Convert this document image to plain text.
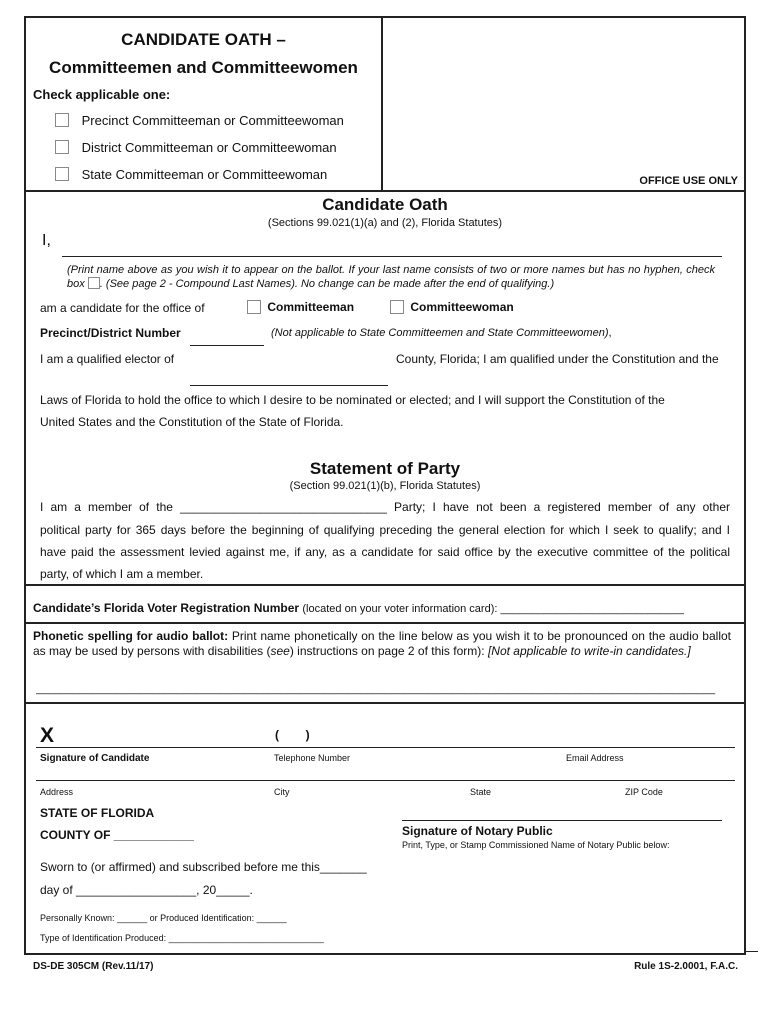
CANDIDATE OATH –
Committeemen and Committeewomen
Check applicable one:
Precinct Committeeman or Committeewoman
District Committeeman or Committeewoman
State Committeeman or Committeewoman	OFFICE USE ONLY
Candidate Oath
(Sections 99.021(1)(a) and (2), Florida Statutes)
I,
(Print name above as you wish it to appear on the ballot. If your last name consists of two or more names but has no hyphen, check box . (See page 2 - Compound Last Names). No change can be made after the end of qualifying.)
am a candidate for the office of	Committeeman	Committeewoman
Precinct/District Number	(Not applicable to State Committeemen and State Committeewomen),
I am a qualified elector of	County, Florida; I am qualified under the Constitution and the
Laws of Florida to hold the office to which I desire to be nominated or elected; and I will support the Constitution of the
United States and the Constitution of the State of Florida.
Statement of Party
(Section 99.021(1)(b), Florida Statutes)
I am a member of the _______________________________ Party; I have not been a registered member of any other
political party for 365 days before the beginning of qualifying preceding the general election for which I seek to qualify; and I
have paid the assessment levied against me, if any, as a candidate for said office by the executive committee of the political
party, of which I am a member.
Candidate’s Florida Voter Registration Number (located on your voter information card): ______________________________
Phonetic spelling for audio ballot: Print name phonetically on the line below as you wish it to be pronounced on the audio ballot as may be used by persons with disabilities (see) instructions on page 2 of this form): [Not applicable to write-in candidates.]
_______________________________________________________________________________________________________________
X	(        )
Signature of Candidate	Telephone Number	Email Address
Address	City	State	ZIP Code
STATE OF FLORIDA
COUNTY OF ____________	Signature of Notary Public
Print, Type, or Stamp Commissioned Name of Notary Public below:
Sworn to (or affirmed) and subscribed before me this_______
day of __________________, 20_____.
Personally Known: ______ or Produced Identification: ______
Type of Identification Produced: _______________________________
DS-DE 305CM (Rev.11/17)	Rule 1S-2.0001, F.A.C.
